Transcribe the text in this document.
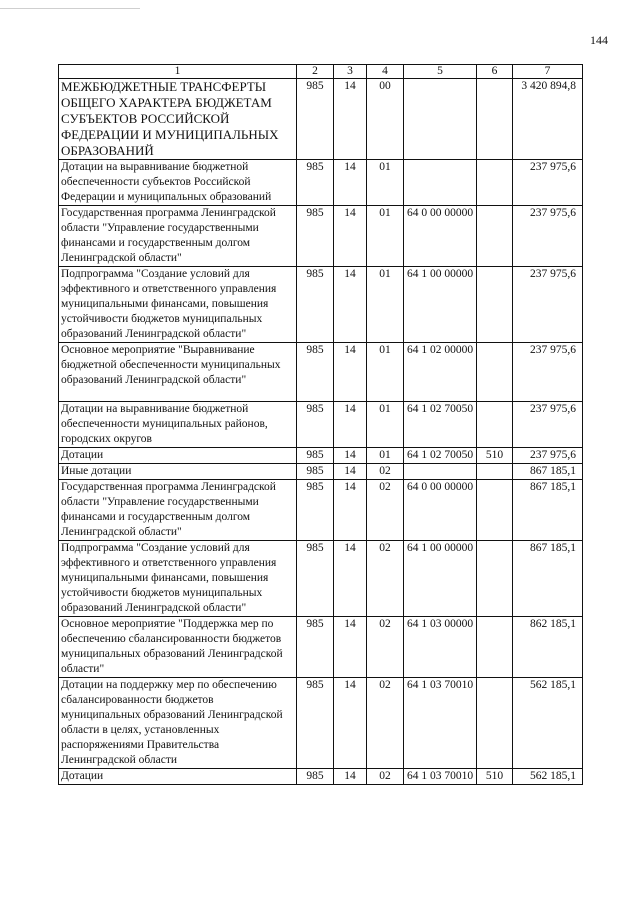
144
1	2	3	4	5	6	7
МЕЖБЮДЖЕТНЫЕ ТРАНСФЕРТЫ ОБЩЕГО ХАРАКТЕРА БЮДЖЕТАМ СУБЪЕКТОВ РОССИЙСКОЙ ФЕДЕРАЦИИ И МУНИЦИПАЛЬНЫХ ОБРАЗОВАНИЙ	985	14	00			3 420 894,8
Дотации на выравнивание бюджетной обеспеченности субъектов Российской Федерации и муниципальных образований	985	14	01			237 975,6
Государственная программа Ленинградской области "Управление государственными финансами и государственным долгом Ленинградской области"	985	14	01	64 0 00 00000		237 975,6
Подпрограмма "Создание условий для эффективного и ответственного управления муниципальными финансами, повышения устойчивости бюджетов муниципальных образований Ленинградской области"	985	14	01	64 1 00 00000		237 975,6
Основное мероприятие "Выравнивание бюджетной обеспеченности муниципальных образований Ленинградской области"	985	14	01	64 1 02 00000		237 975,6
Дотации на выравнивание бюджетной обеспеченности муниципальных районов, городских округов	985	14	01	64 1 02 70050		237 975,6
Дотации	985	14	01	64 1 02 70050	510	237 975,6
Иные дотации	985	14	02			867 185,1
Государственная программа Ленинградской области "Управление государственными финансами и государственным долгом Ленинградской области"	985	14	02	64 0 00 00000		867 185,1
Подпрограмма "Создание условий для эффективного и ответственного управления муниципальными финансами, повышения устойчивости бюджетов муниципальных образований Ленинградской области"	985	14	02	64 1 00 00000		867 185,1
Основное мероприятие "Поддержка мер по обеспечению сбалансированности бюджетов муниципальных образований Ленинградской области"	985	14	02	64 1 03 00000		862 185,1
Дотации на поддержку мер по обеспечению сбалансированности бюджетов муниципальных образований Ленинградской области в целях, установленных распоряжениями Правительства Ленинградской области	985	14	02	64 1 03 70010		562 185,1
Дотации	985	14	02	64 1 03 70010	510	562 185,1
